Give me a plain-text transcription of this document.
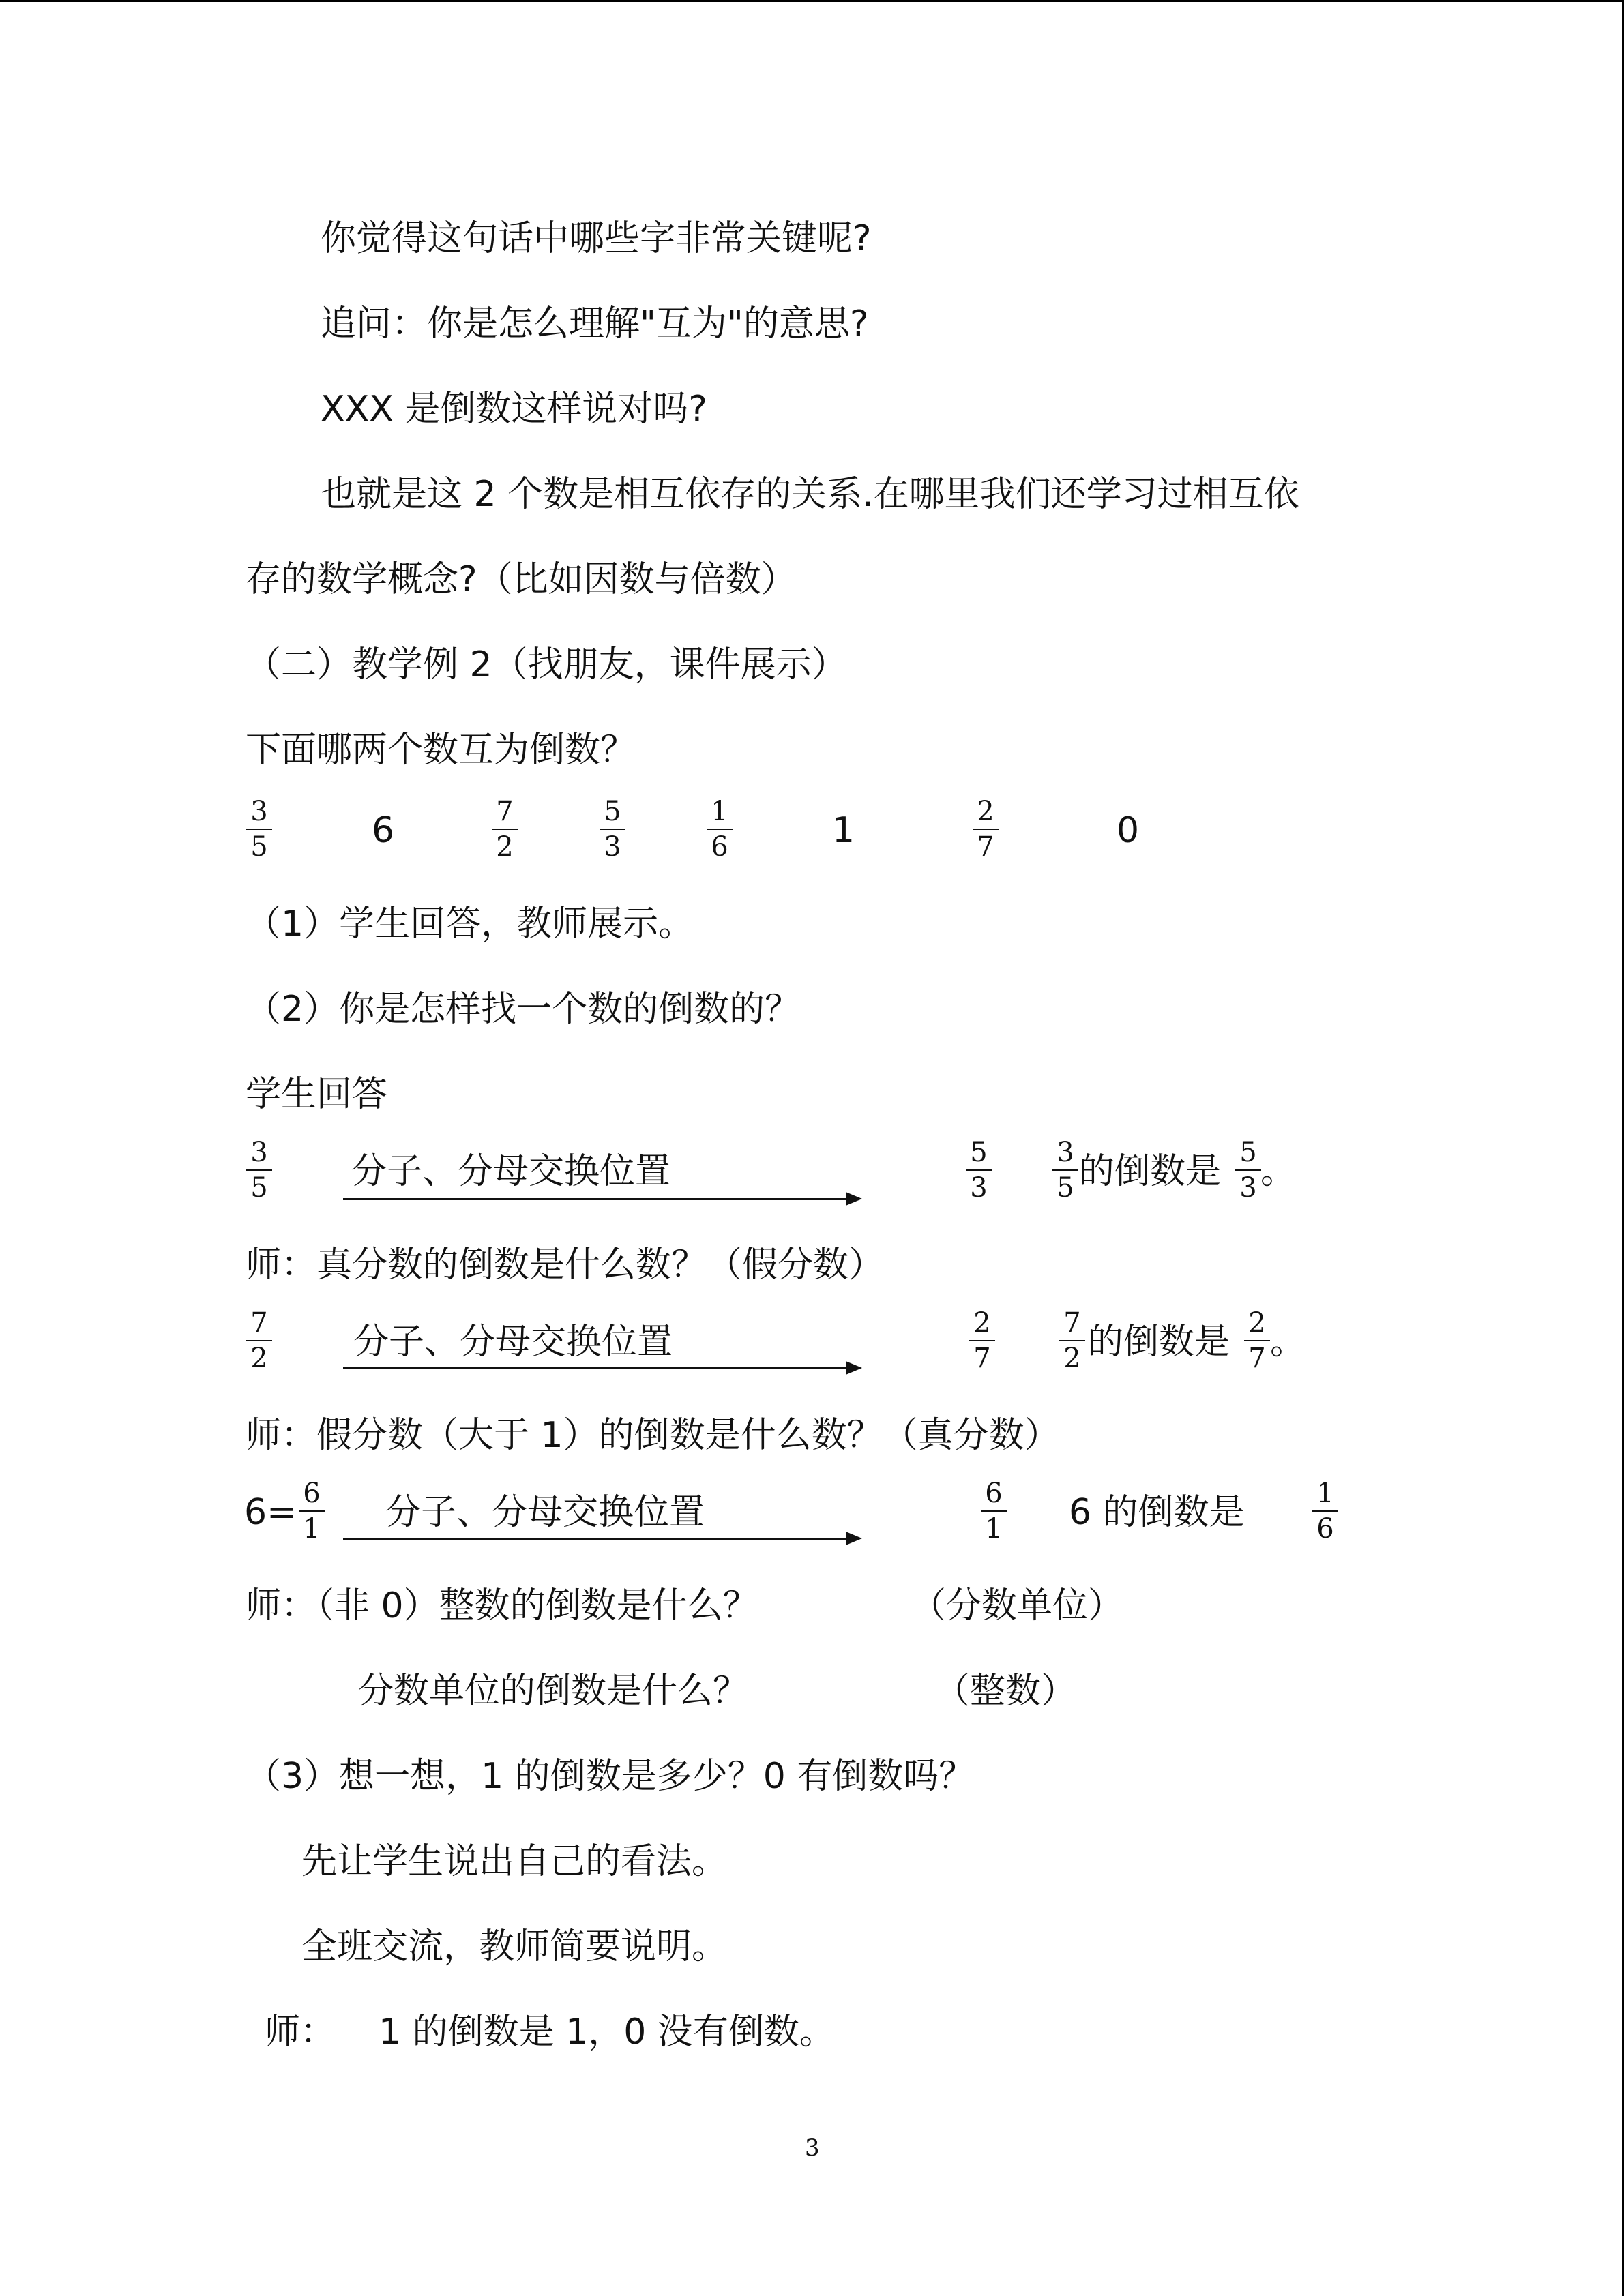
你觉得这句话中哪些字非常关键呢?
追问：你是怎么理解"互为"的意思?
XXX 是倒数这样说对吗?
也就是这 2 个数是相互依存的关系.在哪里我们还学习过相互依
存的数学概念?（比如因数与倍数）
（二）教学例 2（找朋友，课件展示）
下面哪两个数互为倒数？
3
5	6	7
2
5
3
1
6	1	2
7	0
（1）学生回答，教师展示。
（2）你是怎样找一个数的倒数的？
学生回答
3
5 分子、分母交换位置	5
3
3
5 的倒数是 5
3 。
师：真分数的倒数是什么数？（假分数）
7
2 分子、分母交换位置	2
7
7
2 的倒数是 2
7 。
师：假分数（大于 1）的倒数是什么数？（真分数）
6= 6
1 分子、分母交换位置	6
1 6 的倒数是	1
6
师：（非 0）整数的倒数是什么？	（分数单位）
分数单位的倒数是什么？	（整数）
（3）想一想，1 的倒数是多少？0 有倒数吗？
先让学生说出自己的看法。
全班交流，教师简要说明。
师： 1 的倒数是 1，0 没有倒数。
3
